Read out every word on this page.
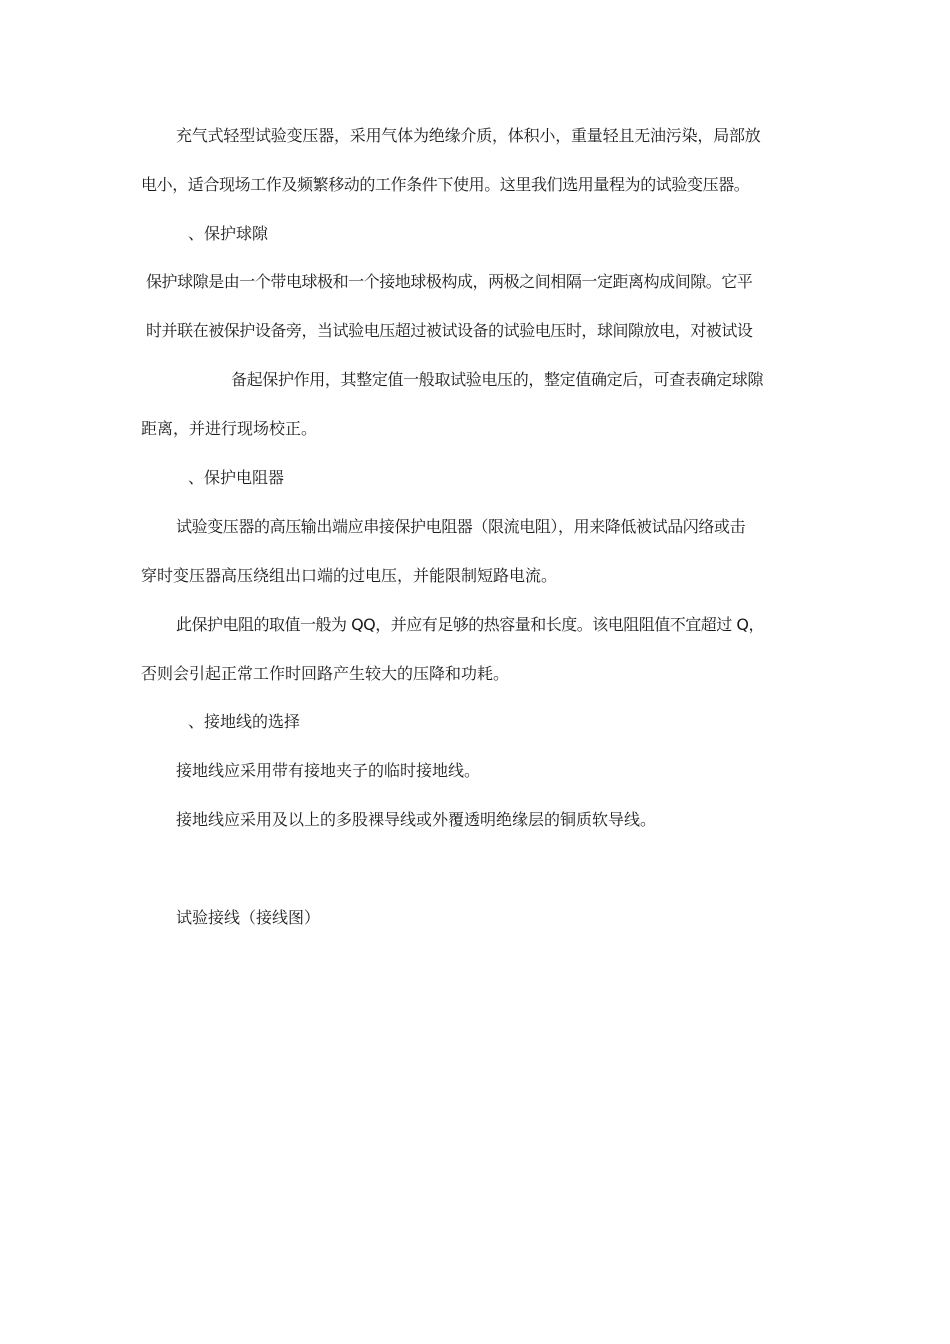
充气式轻型试验变压器，采用气体为绝缘介质，体积小，重量轻且无油污染，局部放
电小，适合现场工作及频繁移动的工作条件下使用。这里我们选用量程为的试验变压器。
、保护球隙
保护球隙是由一个带电球极和一个接地球极构成，两极之间相隔一定距离构成间隙。它平
时并联在被保护设备旁，当试验电压超过被试设备的试验电压时，球间隙放电，对被试设
备起保护作用，其整定值一般取试验电压的，整定值确定后，可查表确定球隙
距离，并进行现场校正。
、保护电阻器
试验变压器的高压输出端应串接保护电阻器（限流电阻），用来降低被试品闪络或击
穿时变压器高压绕组出口端的过电压，并能限制短路电流。
此保护电阻的取值一般为 QQ，并应有足够的热容量和长度。该电阻阻值不宜超过 Q，
否则会引起正常工作时回路产生较大的压降和功耗。
、接地线的选择
接地线应采用带有接地夹子的临时接地线。
接地线应采用及以上的多股裸导线或外覆透明绝缘层的铜质软导线。
试验接线（接线图）
